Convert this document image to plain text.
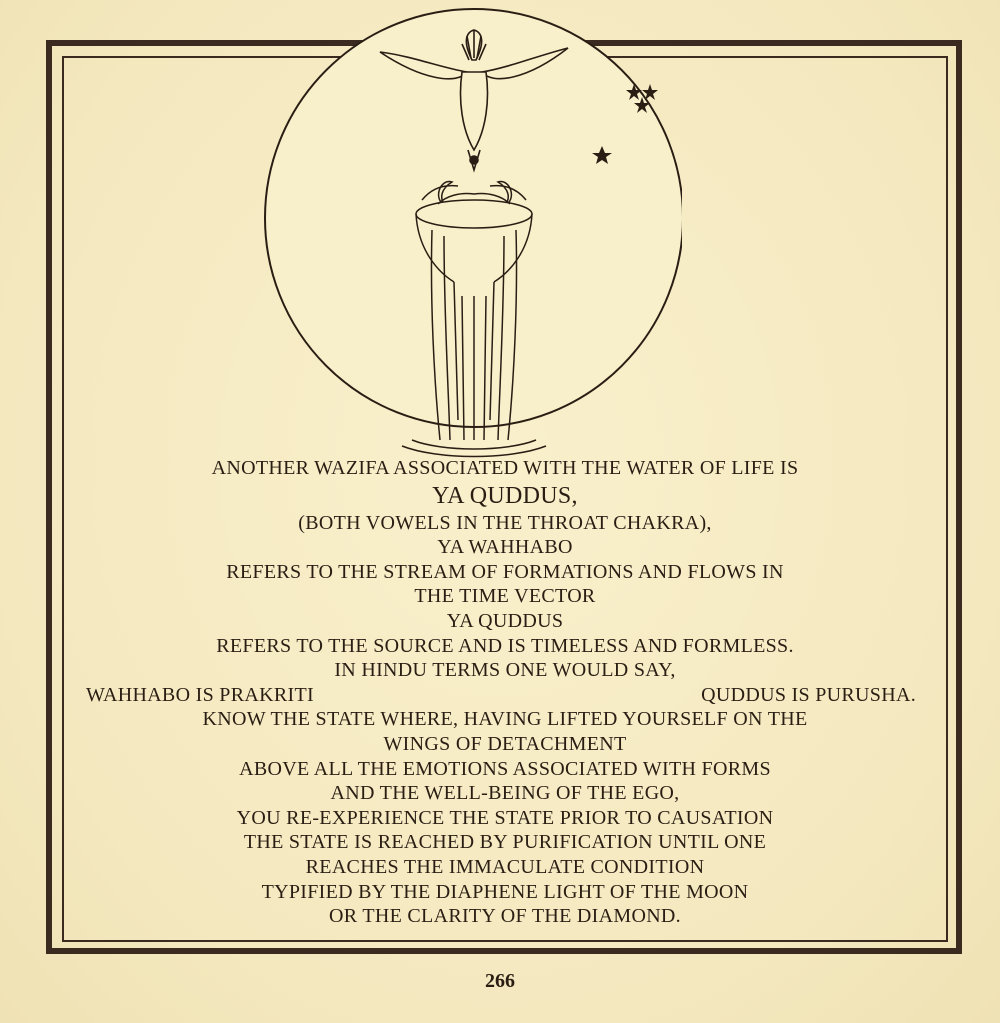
ANOTHER WAZIFA ASSOCIATED WITH THE WATER OF LIFE IS
YA QUDDUS,
(BOTH VOWELS IN THE THROAT CHAKRA),
YA WAHHABO
REFERS TO THE STREAM OF FORMATIONS AND FLOWS IN
THE TIME VECTOR
YA QUDDUS
REFERS TO THE SOURCE AND IS TIMELESS AND FORMLESS.
IN HINDU TERMS ONE WOULD SAY,
WAHHABO IS PRAKRITI	QUDDUS IS PURUSHA.
KNOW THE STATE WHERE, HAVING LIFTED YOURSELF ON THE
WINGS OF DETACHMENT
ABOVE ALL THE EMOTIONS ASSOCIATED WITH FORMS
AND THE WELL-BEING OF THE EGO,
YOU RE-EXPERIENCE THE STATE PRIOR TO CAUSATION
THE STATE IS REACHED BY PURIFICATION UNTIL ONE
REACHES THE IMMACULATE CONDITION
TYPIFIED BY THE DIAPHENE LIGHT OF THE MOON
OR THE CLARITY OF THE DIAMOND.
266
